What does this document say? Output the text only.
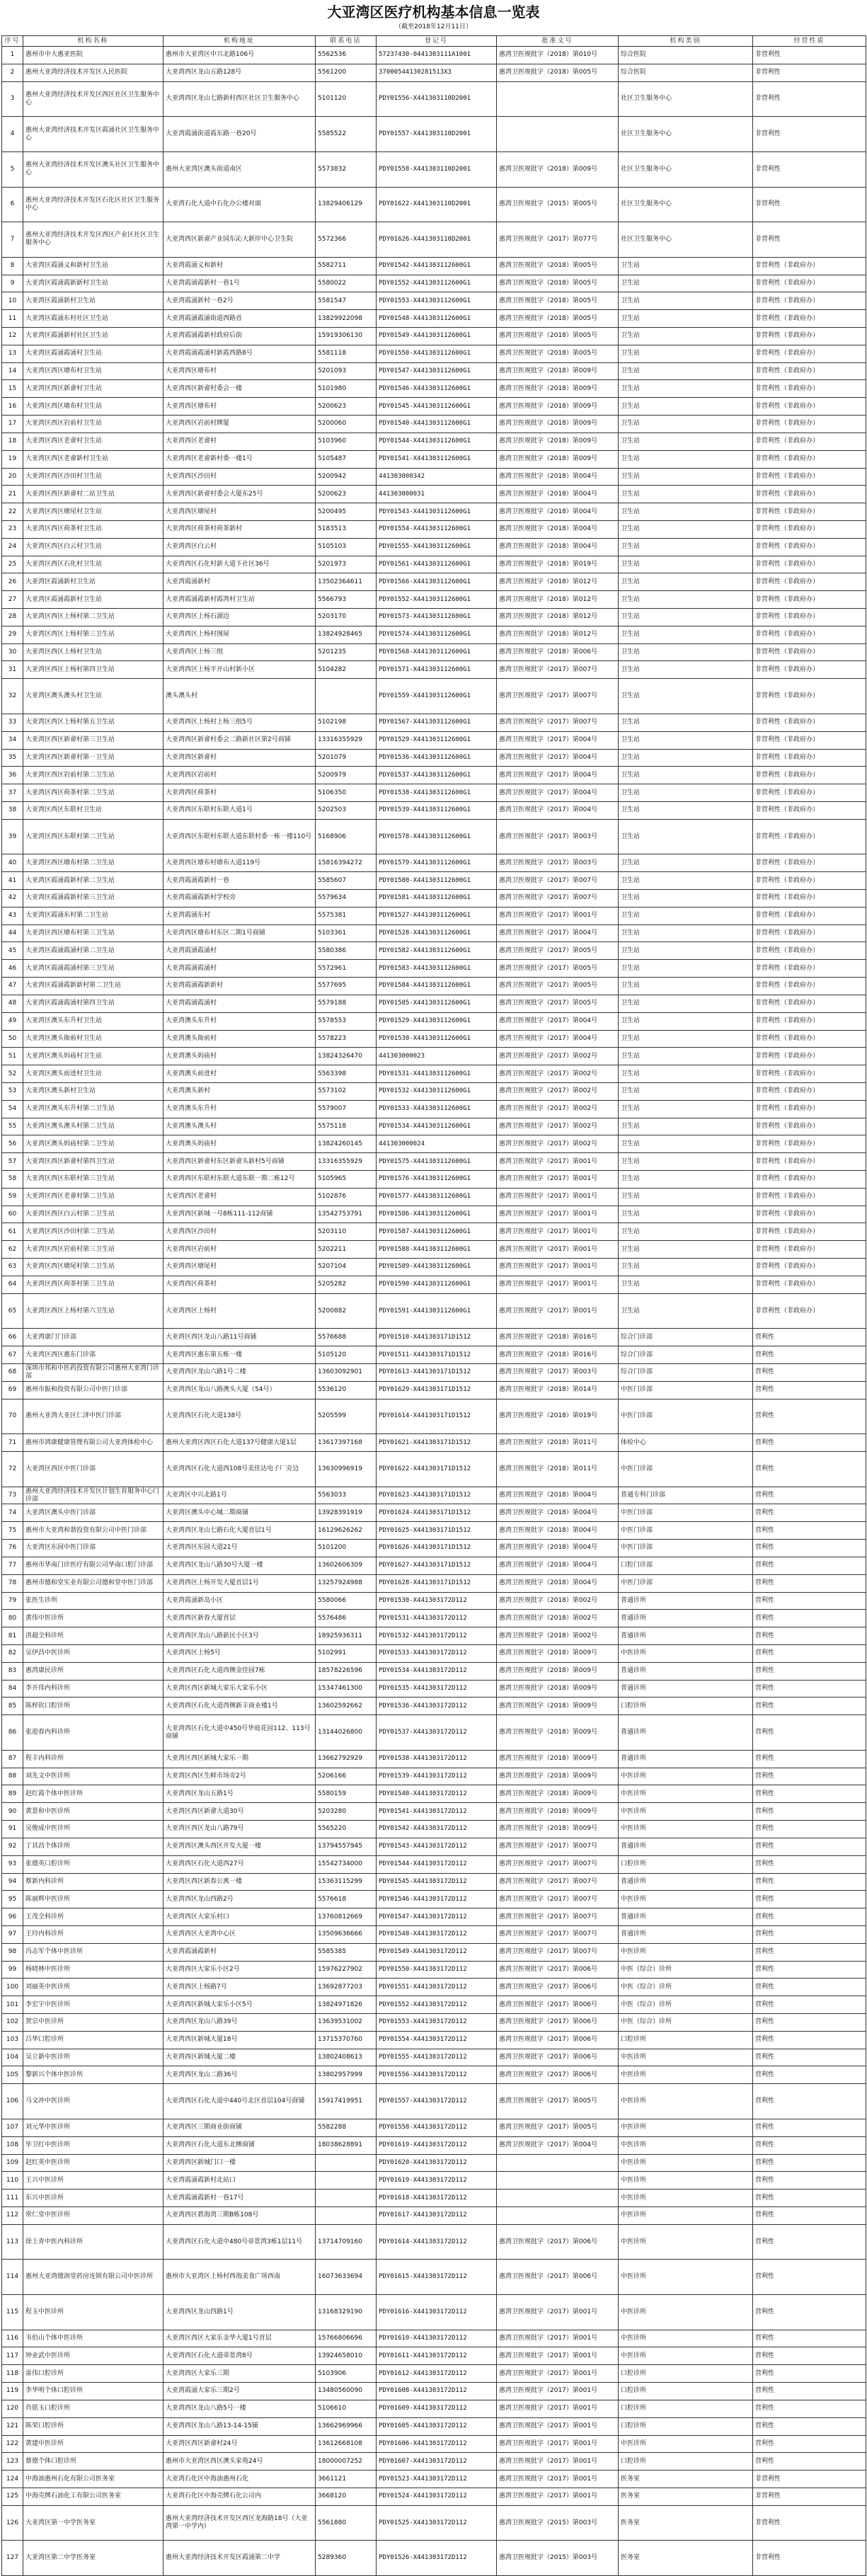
大亚湾区医疗机构基本信息一览表
（截至2018年12月11日）
序号	机构名称	机构地址	联系电话	登记号	批准文号	机构类别	经营性质
1	惠州市中大惠亚医院	惠州市大亚湾区中兴北路106号	5562536	57237430-0441303111A1001	惠湾卫医规批字（2018）第010号	综合医院	非营利性
2	惠州大亚湾经济技术开发区人民医院	大亚湾西区龙山五路128号	5561200	37000544130281513X3	惠湾卫医规批字（2018）第005号	综合医院	非营利性
3	惠州大亚湾经济技术开发区西区社区卫生服务中心	大亚湾西区龙山七路新村西区社区卫生服务中心	5101120	PDY01556-X441303110D2001		社区卫生服务中心	非营利性
4	惠州大亚湾经济技术开发区霞涌社区卫生服务中心	大亚湾霞涌街道霞东路一巷20号	5585522	PDY01557-X441303110D2001		社区卫生服务中心	非营利性
5	惠州大亚湾经济技术开发区澳头社区卫生服务中心	惠州大亚湾区澳头街道南区	5573832	PDY01558-X441303110D2001	惠湾卫医规批字（2018）第009号	社区卫生服务中心	非营利性
6	惠州大亚湾经济技术开发区石化区社区卫生服务中心	大亚湾石化大道中石化办公楼对面	13829406129	PDY01622-X441303110D2001	惠湾卫医规批字（2015）第005号	社区卫生服务中心	非营利性
7	惠州大亚湾经济技术开发区西区产业区社区卫生服务中心	大亚湾西区新畲产业园东沁大新岸中心卫生院	5572366	PDY01626-X441303110D2001	惠湾卫医规批字（2017）第077号	社区卫生服务中心	非营利性
8	大亚湾区霞涌义和新村卫生站	大亚湾霞涌义和新村	5582711	PDY01542-X441303112600G1	惠湾卫医规批字（2018）第005号	卫生站	非营利性（非政府办）
9	大亚湾区霞涌霞新新村卫生站	大亚湾霞涌霞新村一巷1号	5580022	PDY01552-X441303112600G1	惠湾卫医规批字（2018）第005号	卫生站	非营利性（非政府办）
10	大亚湾区霞涌新村卫生站	大亚湾霞涌新村一巷2号	5581547	PDY01553-X441303112600G1	惠湾卫医规批字（2018）第005号	卫生站	非营利性（非政府办）
11	大亚湾区霞涌东村社区卫生站	大亚湾霞涌霞涌街道西路首	13829922098	PDY01548-X441303112600G1	惠湾卫医规批字（2018）第005号	卫生站	非营利性（非政府办）
12	大亚湾区霞涌新村社区卫生站	大亚湾霞涌霞新村政府后街	15919306130	PDY01549-X441303112600G1	惠湾卫医规批字（2018）第005号	卫生站	非营利性（非政府办）
13	大亚湾区霞涌霞涌村卫生站	大亚湾霞涌霞涌村新霞西路8号	5581118	PDY01550-X441303112600G1	惠湾卫医规批字（2018）第005号	卫生站	非营利性（非政府办）
14	大亚湾区西区塘布村卫生站	大亚湾西区塘布村	5201093	PDY01547-X441303112600G1	惠湾卫医规批字（2018）第009号	卫生站	非营利性（非政府办）
15	大亚湾区西区新畲村卫生站	大亚湾西区新畲村委会一楼	5101980	PDY01546-X441303112600G1	惠湾卫医规批字（2018）第009号	卫生站	非营利性（非政府办）
16	大亚湾区西区塘布村卫生站	大亚湾西区塘布村	5200623	PDY01545-X441303112600G1	惠湾卫医规批字（2018）第009号	卫生站	非营利性（非政府办）
17	大亚湾区西区岩前村卫生站	大亚湾西区岩前村牌厦	5200060	PDY01540-X441303112600G1	惠湾卫医规批字（2018）第009号	卫生站	非营利性（非政府办）
18	大亚湾区西区老畲村卫生站	大亚湾西区老畲村	5103960	PDY01544-X441303112600G1	惠湾卫医规批字（2018）第009号	卫生站	非营利性（非政府办）
19	大亚湾区西区老畲新村卫生站	大亚湾西区老畲新村委一楼1号	5105487	PDY01541-X441303112600G1	惠湾卫医规批字（2018）第009号	卫生站	非营利性（非政府办）
20	大亚湾区西区沙田村卫生站	大亚湾西区沙田村	5200942	441303000342	惠湾卫医规批字（2018）第004号	卫生站	非营利性（非政府办）
21	大亚湾区西区新畲村二站卫生站	大亚湾西区新畲村委会大厦东25号	5200623	441303000031	惠湾卫医规批字（2018）第004号	卫生站	非营利性（非政府办）
22	大亚湾区西区塘尾村卫生站	大亚湾西区塘尾村	5200495	PDY01543-X441303112600G1	惠湾卫医规批字（2018）第004号	卫生站	非营利性（非政府办）
23	大亚湾区西区荷茶村卫生站	大亚湾西区荷茶村荷茶新村	5183513	PDY01554-X441303112600G1	惠湾卫医规批字（2018）第004号	卫生站	非营利性（非政府办）
24	大亚湾区西区白云村卫生站	大亚湾西区白云村	5105103	PDY01555-X441303112600G1	惠湾卫医规批字（2018）第004号	卫生站	非营利性（非政府办）
25	大亚湾区西区石化村卫生站	大亚湾西区石化村新大道下社区36号	5201973	PDY01561-X441303112600G1	惠湾卫医规批字（2018）第019号	卫生站	非营利性（非政府办）
26	大亚湾区霞涌新村卫生站	大亚湾霞涌新村	13502364611	PDY01566-X441303112600G1	惠湾卫医规批字（2018）第012号	卫生站	非营利性（非政府办）
27	大亚湾区霞涌霞新村卫生站	大亚湾霞涌霞新村霞湾村卫生站	5566793	PDY01552-X441303112600G1	惠湾卫医规批字（2018）第012号	卫生站	非营利性（非政府办）
28	大亚湾区西区上杨村第二卫生站	大亚湾西区上杨石湖边	5203170	PDY01573-X441303112600G1	惠湾卫医规批字（2018）第012号	卫生站	非营利性（非政府办）
29	大亚湾区西区上杨村第三卫生站	大亚湾西区上杨村围屋	13824928465	PDY01574-X441303112600G1	惠湾卫医规批字（2018）第012号	卫生站	非营利性（非政府办）
30	大亚湾区西区上杨村卫生站	大亚湾西区上杨三组	5201235	PDY01568-X441303112600G1	惠湾卫医规批字（2018）第006号	卫生站	非营利性（非政府办）
31	大亚湾区西区上杨村第四卫生站	大亚湾西区上杨平开山村新小区	5104282	PDY01571-X441303112600G1	惠湾卫医规批字（2017）第007号	卫生站	非营利性（非政府办）
32	大亚湾区澳头澳头村卫生站	澳头澳头村		PDY01559-X441303112600G1	惠湾卫医规批字（2017）第007号	卫生站	非营利性（非政府办）
33	大亚湾区西区上杨村第五卫生站	大亚湾西区上杨村上杨三组5号	5102198	PDY01567-X441303112600G1	惠湾卫医规批字（2017）第007号	卫生站	非营利性（非政府办）
34	大亚湾区西区新畲村第三卫生站	大亚湾西区新畲村委会二路新社区第2号商铺	13316355929	PDY01529-X441303112600G1	惠湾卫医规批字（2017）第004号	卫生站	非营利性（非政府办）
35	大亚湾区西区新畲村第一卫生站	大亚湾西区新畲村	5201079	PDY01536-X441303112600G1	惠湾卫医规批字（2017）第004号	卫生站	非营利性（非政府办）
36	大亚湾区西区岩前村第二卫生站	大亚湾西区岩前村	5200979	PDY01537-X441303112600G1	惠湾卫医规批字（2017）第004号	卫生站	非营利性（非政府办）
37	大亚湾区西区荷茶村第二卫生站	大亚湾西区荷茶村	5106350	PDY01538-X441303112600G1	惠湾卫医规批字（2017）第004号	卫生站	非营利性（非政府办）
38	大亚湾区西区东联村卫生站	大亚湾西区东联村东联大道1号	5202503	PDY01539-X441303112600G1	惠湾卫医规批字（2017）第004号	卫生站	非营利性（非政府办）
39	大亚湾区西区东联村第二卫生站	大亚湾西区东联村东联大道东联村委一栋一楼110号	5168906	PDY01578-X441303112600G1	惠湾卫医规批字（2017）第003号	卫生站	非营利性（非政府办）
40	大亚湾区西区塘布村第二卫生站	大亚湾西区塘布村塘布大道119号	15816394272	PDY01579-X441303112600G1	惠湾卫医规批字（2017）第003号	卫生站	非营利性（非政府办）
41	大亚湾区霞涌霞新村第二卫生站	大亚湾霞涌霞新村一巷	5585607	PDY01580-X441303112600G1	惠湾卫医规批字（2017）第007号	卫生站	非营利性（非政府办）
42	大亚湾区霞涌霞新村第三卫生站	大亚湾霞涌霞新村学校旁	5579634	PDY01581-X441303112600G1	惠湾卫医规批字（2017）第007号	卫生站	非营利性（非政府办）
43	大亚湾区霞涌东村第二卫生站	大亚湾霞涌东村	5575381	PDY01527-X441303112600G1	惠湾卫医规批字（2017）第001号	卫生站	非营利性（非政府办）
44	大亚湾区西区塘布村第三卫生站	大亚湾西区塘布村东区二期1号商铺	5103361	PDY01528-X441303112600G1	惠湾卫医规批字（2017）第004号	卫生站	非营利性（非政府办）
45	大亚湾区霞涌霞涌村第二卫生站	大亚湾霞涌霞涌村	5580386	PDY01582-X441303112600G1	惠湾卫医规批字（2017）第005号	卫生站	非营利性（非政府办）
46	大亚湾区霞涌霞涌村第三卫生站	大亚湾霞涌霞涌村	5572961	PDY01583-X441303112600G1	惠湾卫医规批字（2017）第005号	卫生站	非营利性（非政府办）
47	大亚湾区霞涌霞新新村第二卫生站	大亚湾霞涌霞新新村	5577695	PDY01584-X441303112600G1	惠湾卫医规批字（2017）第005号	卫生站	非营利性（非政府办）
48	大亚湾区霞涌霞涌村第四卫生站	大亚湾霞涌霞涌村	5579188	PDY01585-X441303112600G1	惠湾卫医规批字（2017）第005号	卫生站	非营利性（非政府办）
49	大亚湾区澳头东升村卫生站	大亚湾澳头东升村	5578553	PDY01529-X441303112600G1	惠湾卫医规批字（2017）第004号	卫生站	非营利性（非政府办）
50	大亚湾区澳头衙前村卫生站	大亚湾澳头衙前村	5578223	PDY01530-X441303112600G1	惠湾卫医规批字（2017）第004号	卫生站	非营利性（非政府办）
51	大亚湾区澳头妈庙村卫生站	大亚湾澳头妈庙村	13824326470	441303000023	惠湾卫医规批字（2017）第002号	卫生站	非营利性（非政府办）
52	大亚湾区澳头前进村卫生站	大亚湾澳头前进村	5563398	PDY01531-X441303112600G1	惠湾卫医规批字（2017）第002号	卫生站	非营利性（非政府办）
53	大亚湾区澳头新村卫生站	大亚湾澳头新村	5573102	PDY01532-X441303112600G1	惠湾卫医规批字（2017）第002号	卫生站	非营利性（非政府办）
54	大亚湾区澳头东升村第二卫生站	大亚湾澳头东升村	5579007	PDY01533-X441303112600G1	惠湾卫医规批字（2017）第002号	卫生站	非营利性（非政府办）
55	大亚湾区澳头澳头村第二卫生站	大亚湾澳头澳头村	5575118	PDY01534-X441303112600G1	惠湾卫医规批字（2017）第002号	卫生站	非营利性（非政府办）
56	大亚湾区澳头妈庙村第二卫生站	大亚湾澳头妈庙村	13824260145	441303000024	惠湾卫医规批字（2017）第002号	卫生站	非营利性（非政府办）
57	大亚湾区西区新畲村第四卫生站	大亚湾西区新畲村东区新畲头新村5号商铺	13316355929	PDY01575-X441303112600G1	惠湾卫医规批字（2017）第001号	卫生站	非营利性（非政府办）
58	大亚湾区西区东联村第三卫生站	大亚湾西区东联村东联大道东联一期二栋12号	5105965	PDY01576-X441303112600G1	惠湾卫医规批字（2017）第001号	卫生站	非营利性（非政府办）
59	大亚湾区西区老畲村第二卫生站	大亚湾西区老畲村	5102876	PDY01577-X441303112600G1	惠湾卫医规批字（2017）第001号	卫生站	非营利性（非政府办）
60	大亚湾区西区白云村第二卫生站	大亚湾西区新城一号8栋111-112商铺	13542753791	PDY01586-X441303112600G1	惠湾卫医规批字（2017）第001号	卫生站	非营利性（非政府办）
61	大亚湾区西区沙田村第二卫生站	大亚湾西区沙田村	5203110	PDY01587-X441303112600G1	惠湾卫医规批字（2017）第001号	卫生站	非营利性（非政府办）
62	大亚湾区西区岩前村第三卫生站	大亚湾西区岩前村	5202211	PDY01588-X441303112600G1	惠湾卫医规批字（2017）第001号	卫生站	非营利性（非政府办）
63	大亚湾区西区塘尾村第二卫生站	大亚湾西区塘尾村	5207104	PDY01589-X441303112600G1	惠湾卫医规批字（2017）第001号	卫生站	非营利性（非政府办）
64	大亚湾区西区荷茶村第三卫生站	大亚湾西区荷茶村	5205282	PDY01590-X441303112600G1	惠湾卫医规批字（2017）第001号	卫生站	非营利性（非政府办）
65	大亚湾区西区上杨村第六卫生站	大亚湾西区上杨村	5200882	PDY01591-X441303112600G1	惠湾卫医规批字（2017）第001号	卫生站	非营利性（非政府办）
66	大亚湾康门门诊部	大亚湾区西区龙山八路11号商铺	5576688	PDY01510-X441303171D1512	惠湾卫医规批字（2018）第016号	综合门诊部	营利性
67	大亚湾区西区惠东门诊部	大亚湾西区惠东第五栋一楼	5105120	PDY01511-X441303171D1512	惠湾卫医规批字（2018）第016号	综合门诊部	营利性
68	深圳市邦和中医药投资有限公司惠州大亚湾门诊部	大亚湾西区龙山六路1号二楼	13603092901	PDY01613-X441303171D1512	惠湾卫医规批字（2017）第003号	综合门诊部	营利性
69	惠州市振和投资有限公司中医门诊部	大亚湾西区龙山八路澳头大厦（54号）	5536120	PDY01629-X441303171D1512	惠湾卫医规批字（2018）第014号	中医门诊部	营利性
70	惠州大亚湾大亚区仁济中医门诊部	大亚湾西区石化大道138号	5205599	PDY01614-X441303171D1512	惠湾卫医规批字（2018）第019号	中医门诊部	营利性
71	惠州市鸿康健康管理有限公司大亚湾体检中心	惠州大亚湾区西区石化大道137号健康大厦1层	13617397168	PDY01621-X441303171D1512	惠湾卫医规批字（2018）第011号	体检中心	营利性
72	大亚湾区西区中医门诊部	大亚湾西区石化大道西108号美佳达电子厂旁边	13630996919	PDY01622-X441303171D1512	惠湾卫医规批字（2018）第011号	中医门诊部	营利性
73	惠州大亚湾经济技术开发区计划生育服务中心门诊部	大亚湾区中兴北路1号	5563033	PDY01623-X441303171D1512	惠湾卫医规批字（2018）第004号	普通专科门诊部	营利性
74	大亚湾区澳头中医门诊部	大亚湾区澳头中心城二期商铺	13928391919	PDY01624-X441303171D1512	惠湾卫医规批字（2018）第004号	中医门诊部	营利性
75	惠州市大亚湾和谐投资有限公司中医门诊部	大亚湾西区龙山七路石化大厦首层1号	16129626262	PDY01625-X441303171D1512	惠湾卫医规批字（2018）第004号	中医门诊部	营利性
76	大亚湾区东园中医门诊部	大亚湾西区东园大道21号	5101200	PDY01626-X441303171D1512	惠湾卫医规批字（2018）第004号	中医门诊部	营利性
77	惠州市华南门诊医疗有限公司华南口腔门诊部	大亚湾西区龙山八路30号大厦一楼	13602606309	PDY01627-X441303171D1512	惠湾卫医规批字（2018）第004号	口腔门诊部	营利性
78	惠州市德和堂实业有限公司德和堂中医门诊部	大亚湾西区上杨开发大厦首层1号	13257924988	PDY01628-X441303171D1512	惠湾卫医规批字（2018）第004号	中医门诊部	营利性
79	张医生诊所	大亚湾霞涌新岛小区	5580066	PDY01530-X441303172D112	惠湾卫医规批字（2018）第002号	普通诊所	营利性
80	黄伟中医诊所	大亚湾西区新春大厦首层	5576486	PDY01531-X441303172D112	惠湾卫医规批字（2018）第002号	普通诊所	营利性
81	洪超全科诊所	大亚湾西区龙山八路新民小区3号	18925936311	PDY01532-X441303172D112	惠湾卫医规批字（2018）第002号	普通诊所	营利性
82	吴伊昌中医诊所	大亚湾西区上杨5号	5102991	PDY01533-X441303172D112	惠湾卫医规批字（2018）第009号	中医诊所	营利性
83	惠湾康民诊所	大亚湾西区石化大道西侧金佳园7栋	18578226596	PDY01534-X441303172D112	惠湾卫医规批字（2018）第009号	普通诊所	营利性
84	李开伟内科诊所	大亚湾区西区新城大家乐大家乐小区	15347461300	PDY01535-X441303172D112	惠湾卫医规批字（2018）第009号	普通诊所	营利性
85	陈梓钦口腔诊所	大亚湾西区石化大道西侧新丰商业楼1号	13602592662	PDY01536-X441303172D112	惠湾卫医规批字（2018）第009号	口腔诊所	营利性
86	张迎春内科诊所	大亚湾西区石化大道中450号华庭花园112、113号商铺	13144026800	PDY01537-X441303172D112	惠湾卫医规批字（2018）第009号	普通诊所	营利性
87	程丰内科诊所	大亚湾区西区新城大家乐一期	13662792929	PDY01538-X441303172D112	惠湾卫医规批字（2018）第009号	普通诊所	营利性
88	刘先文中医诊所	大亚湾区西区生鲜市场旁2号	5206166	PDY01539-X441303172D112	惠湾卫医规批字（2018）第009号	中医诊所	营利性
89	赵红霞个体中医诊所	大亚湾西区龙山五路1号	5580159	PDY01540-X441303172D112	惠湾卫医规批字（2018）第009号	中医诊所	营利性
90	黄景和中医诊所	大亚湾区西区新畲大道30号	5203280	PDY01541-X441303172D112	惠湾卫医规批字（2018）第009号	中医诊所	营利性
91	吴俊成中医诊所	大亚湾区西区龙山八路79号	5565220	PDY01542-X441303172D112	惠湾卫医规批字（2018）第009号	中医诊所	营利性
92	丁其昌个体诊所	大亚湾西区澳头西区开发大厦一楼	13794557945	PDY01543-X441303172D112	惠湾卫医规批字（2017）第007号	普通诊所	营利性
93	张德英口腔诊所	大亚湾西区石化大道西27号	15542734000	PDY01544-X441303172D112	惠湾卫医规批字（2017）第007号	口腔诊所	营利性
94	蔡新内科诊所	大亚湾区西区新春公寓一楼	15363115299	PDY01545-X441303172D112	惠湾卫医规批字（2017）第007号	普通诊所	营利性
95	陈丽辉中医诊所	大亚湾西区龙山四路2号	5576618	PDY01546-X441303172D112	惠湾卫医规批字（2017）第007号	中医诊所	营利性
96	王茂全科诊所	大亚湾西区大家乐村口	13760812669	PDY01547-X441303172D112	惠湾卫医规批字（2017）第007号	普通诊所	营利性
97	王玲内科诊所	大亚湾西区大亚湾中心区	13509636666	PDY01548-X441303172D112	惠湾卫医规批字（2017）第007号	普通诊所	营利性
98	冯志军个体中医诊所	大亚湾霞涌霞新村	5585385	PDY01549-X441303172D112	惠湾卫医规批字（2017）第007号	中医诊所	营利性
99	杨晓林中医诊所	大亚湾西区大家乐小区2号	15976227902	PDY01550-X441303172D112	惠湾卫医规批字（2017）第006号	中医（综合）诊所	营利性
100	刘丽英中医诊所	大亚湾西区上杨路7号	13692877203	PDY01551-X441303172D112	惠湾卫医规批字（2017）第006号	中医（综合）诊所	营利性
101	李宏宇中医诊所	大亚湾西区新城大家乐小区5号	13824971826	PDY01552-X441303172D112	惠湾卫医规批字（2017）第006号	中医（综合）诊所	营利性
102	贺宗中医诊所	大亚湾西区龙山八路39号	13639531002	PDY01553-X441303172D112	惠湾卫医规批字（2017）第006号	中医（综合）诊所	营利性
103	吕华口腔诊所	大亚湾西区新城大厦18号	13715370760	PDY01554-X441303172D112	惠湾卫医规批字（2017）第006号	口腔诊所	营利性
104	吴立新中医诊所	大亚湾西区新城大厦二楼	13802408613	PDY01555-X441303172D112	惠湾卫医规批字（2017）第006号	中医诊所	营利性
105	黎新兴个体中医诊所	大亚湾西区龙山二路36号	13802957999	PDY01556-X441303172D112	惠湾卫医规批字（2017）第006号	中医诊所	营利性
106	马文冲中医诊所	大亚湾西区石化大道中440号北区首层104号商铺	15917419951	PDY01557-X441303172D112	惠湾卫医规批字（2017）第005号	中医诊所	营利性
107	刘元华中医诊所	大亚湾西区三期商业街商铺	5582288	PDY01558-X441303172D112	惠湾卫医规批字（2017）第005号	中医诊所	营利性
108	毕卫红中医诊所	大亚湾西区石化大道东北侧商铺	18038628891	PDY01619-X441303172D112	惠湾卫医规批字（2017）第004号	中医诊所	营利性
109	赵红英中医诊所	大亚湾西区新城门口一楼		PDY01620-X441303172D112		中医诊所	营利性
110	王兴中医诊所	大亚湾霞涌霞新村北站口		PDY01619-X441303172D112		中医诊所	营利性
111	东兴中医诊所	大亚湾霞涌霞新村一巷17号		PDY01618-X441303172D112		中医诊所	营利性
112	常仁堂中医诊所	大亚湾西区碧海湾三期B栋108号		PDY01617-X441303172D112		中医诊所	营利性
113	徐上青中医内科诊所	大亚湾西区石化大道中480号帝景湾3栋1层11号	13714709160	PDY01614-X441303172D112	惠湾卫医规批字（2017）第006号	中医诊所	营利性
114	惠州大亚湾德润堂药房连锁有限公司中医诊所	惠州市大亚湾区上杨村西海美食广场西南	16073633694	PDY01615-X441303172D112	惠湾卫医规批字（2017）第006号	中医诊所	营利性
115	程玉中医诊所	大亚湾西区龙山四路1号	13168329190	PDY01616-X441303172D112	惠湾卫医规批字（2017）第001号	中医诊所	营利性
116	韦伯山个体中医诊所	大亚湾区西区大家乐金华大厦1号首层	15766806696	PDY01610-X441303172D112	惠湾卫医规批字（2017）第001号	中医诊所	营利性
117	钟业武中医诊所	大亚湾西区石化大道帝景湾8号	13924658010	PDY01611-X441303172D112	惠湾卫医规批字（2017）第001号	中医诊所	营利性
118	雷伟口腔诊所	大亚湾西区大家乐三期	5103906	PDY01612-X441303172D112	惠湾卫医规批字（2017）第001号	口腔诊所	营利性
119	李华明个体口腔诊所	大亚湾霞涌大家乐三期2号	13480560090	PDY01608-X441303172D112	惠湾卫医规批字（2017）第001号	口腔诊所	营利性
120	肖铭玉口腔诊所	大亚湾西区龙山八路5号一楼	5106610	PDY01609-X441303172D112	惠湾卫医规批字（2017）第001号	口腔诊所	营利性
121	陈荣口腔诊所	大亚湾西区龙山八路13-14-15铺	13662969966	PDY01605-X441303172D112	惠湾卫医规批字（2017）第001号	口腔诊所	营利性
122	黄建中医诊所	大亚湾区西区新畲村24号	13612668108	PDY01606-X441303172D112	惠湾卫医规批字（2017）第001号	中医诊所	营利性
123	蔡德个体口腔诊所	惠州市大亚湾区西区澳头家苑24号	18000007252	PDY01607-X441303172D112	惠湾卫医规批字（2017）第001号	口腔诊所	营利性
124	中海油惠州石化有限公司医务室	大亚湾石化区中海油惠州石化	3661121	PDY01523-X441303172D112	惠湾卫医规批字（2017）第001号	医务室	非营利性
125	中海壳牌石油化工有限公司医务室	大亚湾石化区中海壳牌石化公司内	3668120	PDY01524-X441303172D112	惠湾卫医规批字（2017）第001号	医务室	非营利性
126	大亚湾区第一中学医务室	惠州大亚湾经济技术开发区西区龙海路18号（大亚湾第一中学内）	5561880	PDY01525-X441303172D112	惠湾卫医规批字（2015）第003号	医务室	非营利性
127	大亚湾区第二中学医务室	惠州大亚湾经济技术开发区霞涌第二中学	5289360	PDY01526-X441303172D112	惠湾卫医规批字（2015）第003号	医务室	非营利性
